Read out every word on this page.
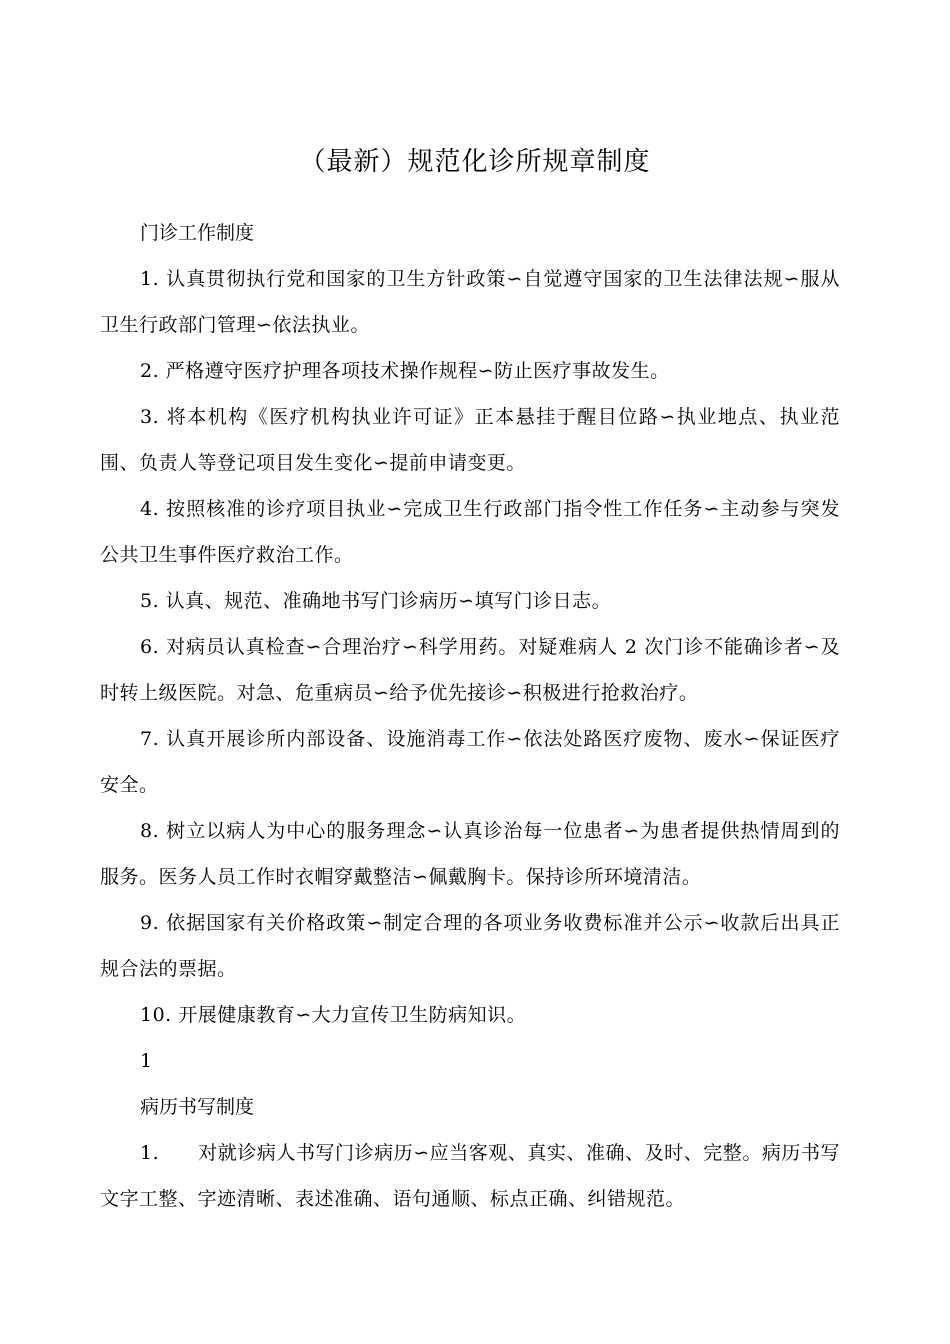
（最新）规范化诊所规章制度

门诊工作制度

1. 认真贯彻执行党和国家的卫生方针政策∽自觉遵守国家的卫生法律法规∽服从卫生行政部门管理∽依法执业。

2. 严格遵守医疗护理各项技术操作规程∽防止医疗事故发生。

3. 将本机构《医疗机构执业许可证》正本悬挂于醒目位路∽执业地点、执业范围、负责人等登记项目发生变化∽提前申请变更。

4. 按照核准的诊疗项目执业∽完成卫生行政部门指令性工作任务∽主动参与突发公共卫生事件医疗救治工作。

5. 认真、规范、准确地书写门诊病历∽填写门诊日志。

6. 对病员认真检查∽合理治疗∽科学用药。对疑难病人 2 次门诊不能确诊者∽及时转上级医院。对急、危重病员∽给予优先接诊∽积极进行抢救治疗。

7. 认真开展诊所内部设备、设施消毒工作∽依法处路医疗废物、废水∽保证医疗安全。

8. 树立以病人为中心的服务理念∽认真诊治每一位患者∽为患者提供热情周到的服务。医务人员工作时衣帽穿戴整洁∽佩戴胸卡。保持诊所环境清洁。

9. 依据国家有关价格政策∽制定合理的各项业务收费标准并公示∽收款后出具正规合法的票据。

10. 开展健康教育∽大力宣传卫生防病知识。

1

病历书写制度

1.　　对就诊病人书写门诊病历∽应当客观、真实、准确、及时、完整。病历书写文字工整、字迹清晰、表述准确、语句通顺、标点正确、纠错规范。
